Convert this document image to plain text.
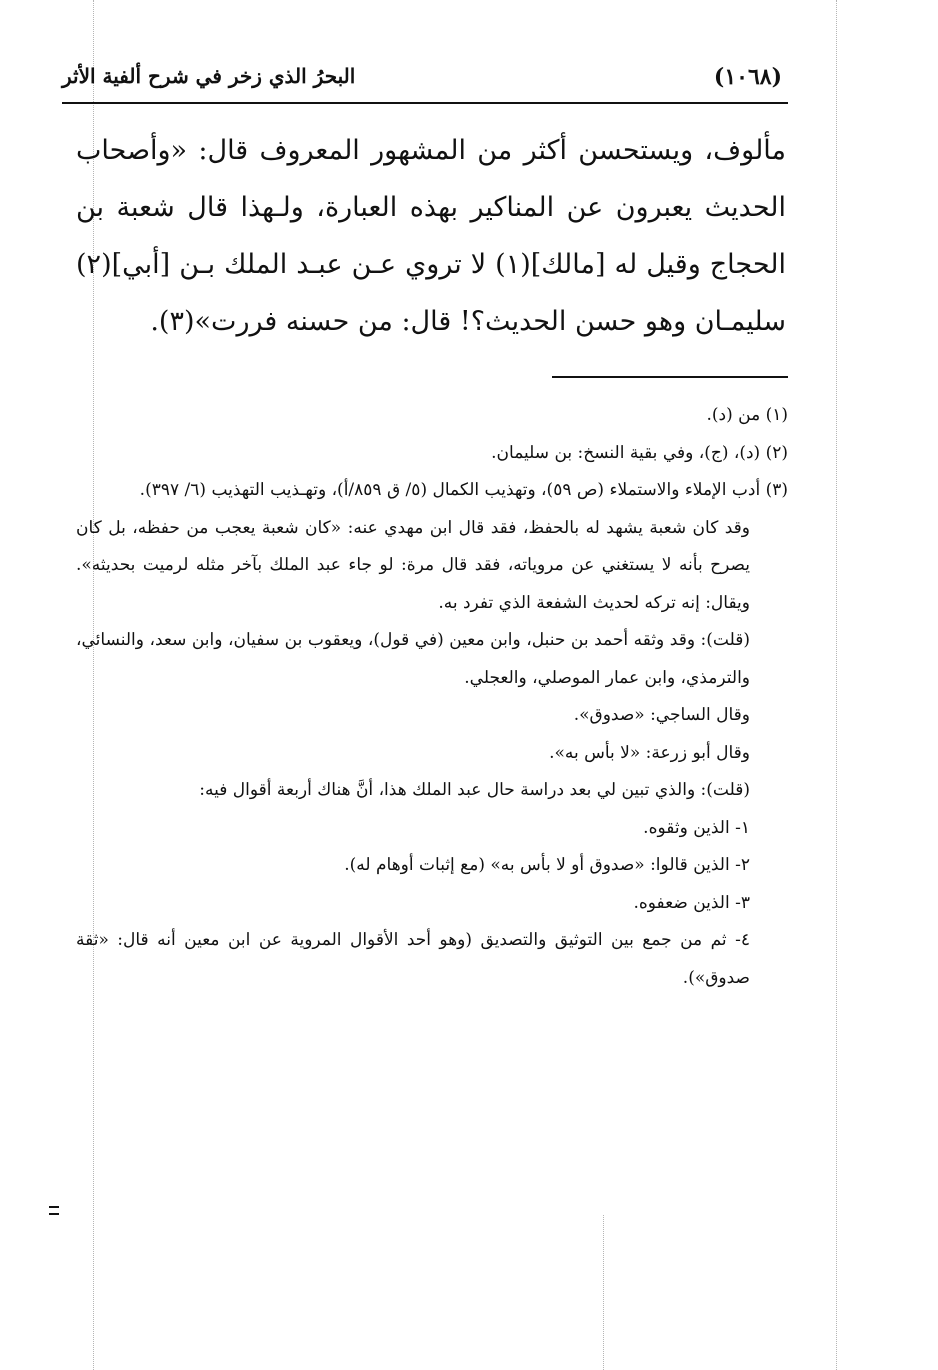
(١٠٦٨)
البحرُ الذي زخر في شرح ألفية الأثر

مألوف، ويستحسن أكثر من المشهور المعروف قال: «وأصحاب الحديث يعبرون عن المناكير بهذه العبارة، ولـهذا قال شعبة بن الحجاج وقيل له [مالك](١) لا تروي عـن عبـد الملك بـن [أبي](٢) سليمـان وهو حسن الحديث؟! قال: من حسنه فررت»(٣).

(١) من (د).

(٢) (د)، (ج)، وفي بقية النسخ: بن سليمان.

(٣) أدب الإملاء والاستملاء (ص ٥٩)، وتهذيب الكمال (٥/ ق ٨٥٩/أ)، وتهـذيب التهذيب (٦/ ٣٩٧).

وقد كان شعبة يشهد له بالحفظ، فقد قال ابن مهدي عنه: «كان شعبة يعجب من حفظه، بل كان يصرح بأنه لا يستغني عن مروياته، فقد قال مرة: لو جاء عبد الملك بآخر مثله لرميت بحديثه». ويقال: إنه تركه لحديث الشفعة الذي تفرد به.

(قلت): وقد وثقه أحمد بن حنبل، وابن معين (في قول)، ويعقوب بن سفيان، وابن سعد، والنسائي، والترمذي، وابن عمار الموصلي، والعجلي.

وقال الساجي: «صدوق».

وقال أبو زرعة: «لا بأس به».

(قلت): والذي تبين لي بعد دراسة حال عبد الملك هذا، أنَّ هناك أربعة أقوال فيه:

١- الذين وثقوه.

٢- الذين قالوا: «صدوق أو لا بأس به» (مع إثبات أوهام له).

٣- الذين ضعفوه.

٤- ثم من جمع بين التوثيق والتصديق (وهو أحد الأقوال المروية عن ابن معين أنه قال: «ثقة صدوق»).
